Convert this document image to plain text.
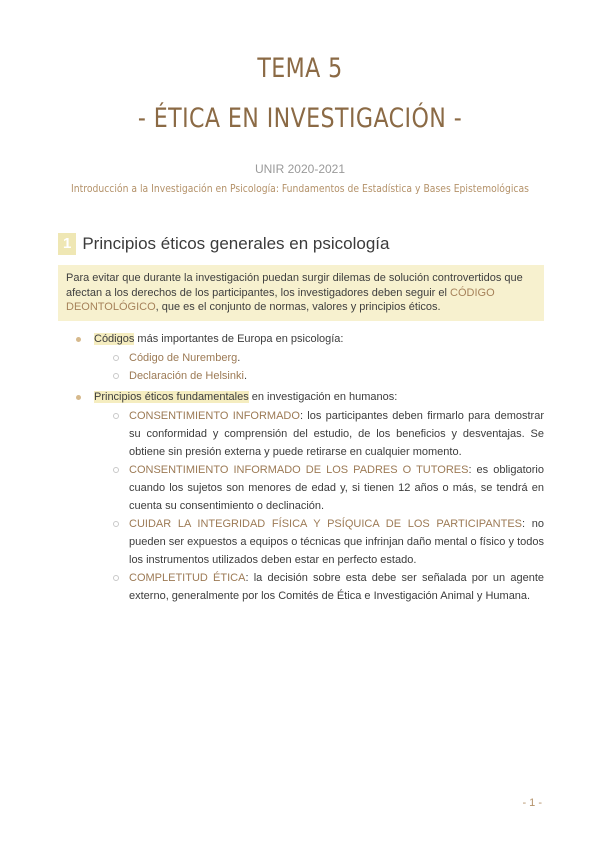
TEMA 5
- ÉTICA EN INVESTIGACIÓN -
UNIR 2020-2021
Introducción a la Investigación en Psicología: Fundamentos de Estadística y Bases Epistemológicas
1 Principios éticos generales en psicología
Para evitar que durante la investigación puedan surgir dilemas de solución controvertidos que afectan a los derechos de los participantes, los investigadores deben seguir el CÓDIGO DEONTOLÓGICO, que es el conjunto de normas, valores y principios éticos.
Códigos más importantes de Europa en psicología:
Código de Nuremberg.
Declaración de Helsinki.
Principios éticos fundamentales en investigación en humanos:
CONSENTIMIENTO INFORMADO: los participantes deben firmarlo para demostrar su conformidad y comprensión del estudio, de los beneficios y desventajas. Se obtiene sin presión externa y puede retirarse en cualquier momento.
CONSENTIMIENTO INFORMADO DE LOS PADRES O TUTORES: es obligatorio cuando los sujetos son menores de edad y, si tienen 12 años o más, se tendrá en cuenta su consentimiento o declinación.
CUIDAR LA INTEGRIDAD FÍSICA Y PSÍQUICA DE LOS PARTICIPANTES: no pueden ser expuestos a equipos o técnicas que infrinjan daño mental o físico y todos los instrumentos utilizados deben estar en perfecto estado.
COMPLETITUD ÉTICA: la decisión sobre esta debe ser señalada por un agente externo, generalmente por los Comités de Ética e Investigación Animal y Humana.
- 1 -
